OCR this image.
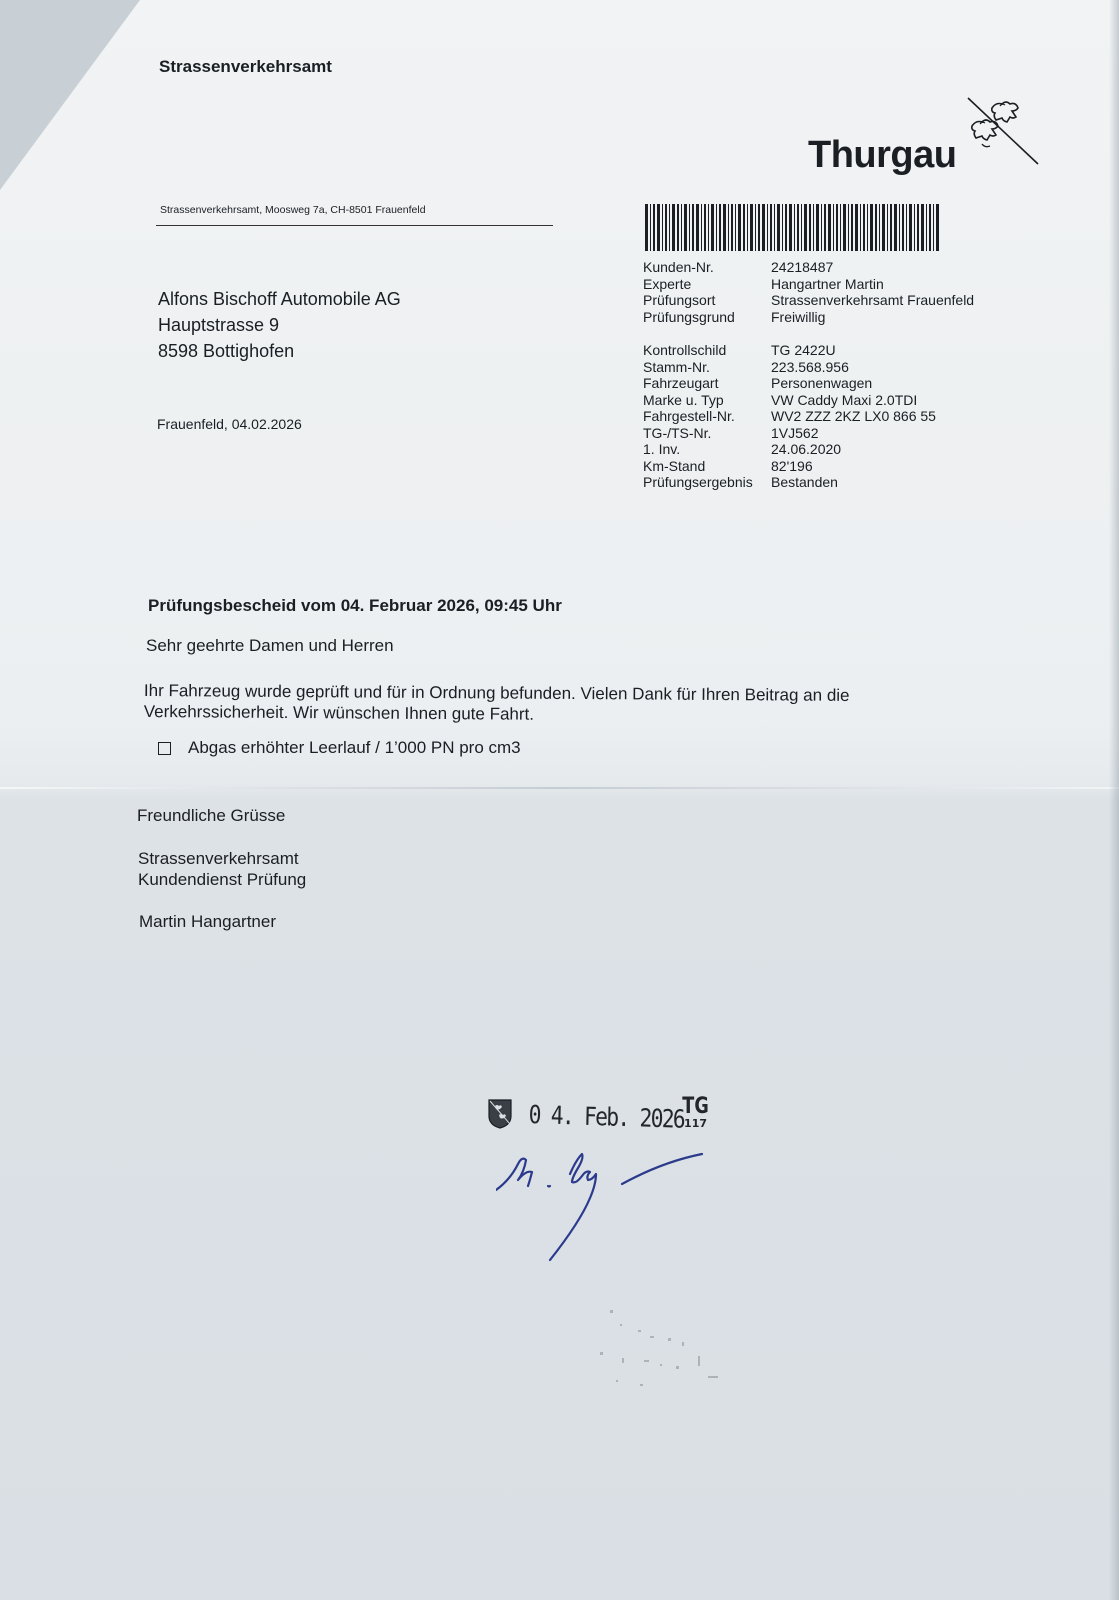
Strassenverkehrsamt
Thurgau
Strassenverkehrsamt, Moosweg 7a, CH-8501 Frauenfeld
Alfons Bischoff Automobile AG
Hauptstrasse 9
8598 Bottighofen
Frauenfeld, 04.02.2026
Kunden-Nr.	24218487
Experte	Hangartner Martin
Prüfungsort	Strassenverkehrsamt Frauenfeld
Prüfungsgrund	Freiwillig

Kontrollschild	TG 2422U
Stamm-Nr.	223.568.956
Fahrzeugart	Personenwagen
Marke u. Typ	VW Caddy Maxi 2.0TDI
Fahrgestell-Nr.	WV2 ZZZ 2KZ LX0 866 55
TG-/TS-Nr.	1VJ562
1. Inv.	24.06.2020
Km-Stand	82'196
Prüfungsergebnis	Bestanden
Prüfungsbescheid vom 04. Februar 2026, 09:45 Uhr
Sehr geehrte Damen und Herren
Ihr Fahrzeug wurde geprüft und für in Ordnung befunden. Vielen Dank für Ihren Beitrag an die
Verkehrssicherheit. Wir wünschen Ihnen gute Fahrt.
Abgas erhöhter Leerlauf / 1’000 PN pro cm3
Freundliche Grüsse
Strassenverkehrsamt
Kundendienst Prüfung
Martin Hangartner
0 4. Feb. 2026
TG
117
